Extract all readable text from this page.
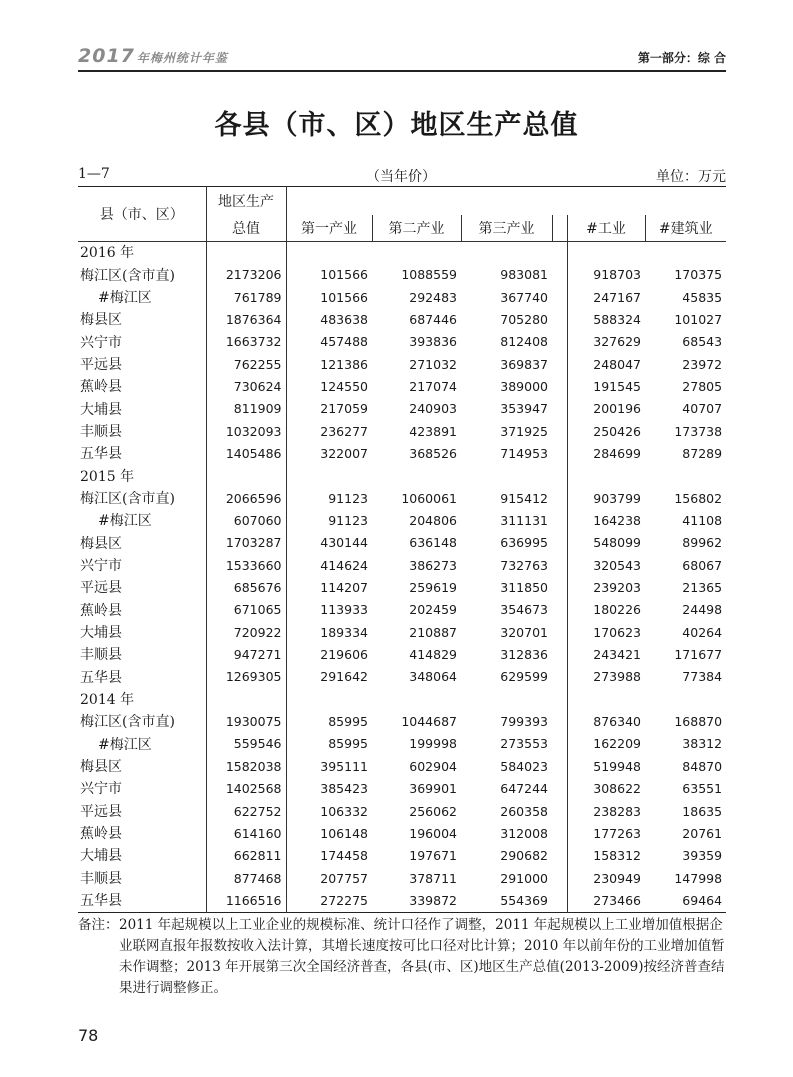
2017 年梅州统计年鉴	第一部分：综 合
各县（市、区）地区生产总值
1—7	（当年价）	单位：万元
县（市、区）	地区生产						
	总值	第一产业	第二产业	第三产业		#工业	#建筑业
2016 年							
梅江区(含市直)	2173206	101566	1088559	983081		918703	170375
#梅江区	761789	101566	292483	367740		247167	45835
梅县区	1876364	483638	687446	705280		588324	101027
兴宁市	1663732	457488	393836	812408		327629	68543
平远县	762255	121386	271032	369837		248047	23972
蕉岭县	730624	124550	217074	389000		191545	27805
大埔县	811909	217059	240903	353947		200196	40707
丰顺县	1032093	236277	423891	371925		250426	173738
五华县	1405486	322007	368526	714953		284699	87289
2015 年							
梅江区(含市直)	2066596	91123	1060061	915412		903799	156802
#梅江区	607060	91123	204806	311131		164238	41108
梅县区	1703287	430144	636148	636995		548099	89962
兴宁市	1533660	414624	386273	732763		320543	68067
平远县	685676	114207	259619	311850		239203	21365
蕉岭县	671065	113933	202459	354673		180226	24498
大埔县	720922	189334	210887	320701		170623	40264
丰顺县	947271	219606	414829	312836		243421	171677
五华县	1269305	291642	348064	629599		273988	77384
2014 年							
梅江区(含市直)	1930075	85995	1044687	799393		876340	168870
#梅江区	559546	85995	199998	273553		162209	38312
梅县区	1582038	395111	602904	584023		519948	84870
兴宁市	1402568	385423	369901	647244		308622	63551
平远县	622752	106332	256062	260358		238283	18635
蕉岭县	614160	106148	196004	312008		177263	20761
大埔县	662811	174458	197671	290682		158312	39359
丰顺县	877468	207757	378711	291000		230949	147998
五华县	1166516	272275	339872	554369		273466	69464
备注： 2011 年起规模以上工业企业的规模标准、统计口径作了调整，2011 年起规模以上工业增加值根据企业联网直报年报数按收入法计算，其增长速度按可比口径对比计算；2010 年以前年份的工业增加值暂未作调整；2013 年开展第三次全国经济普查，各县(市、区)地区生产总值(2013-2009)按经济普查结果进行调整修正。
78
